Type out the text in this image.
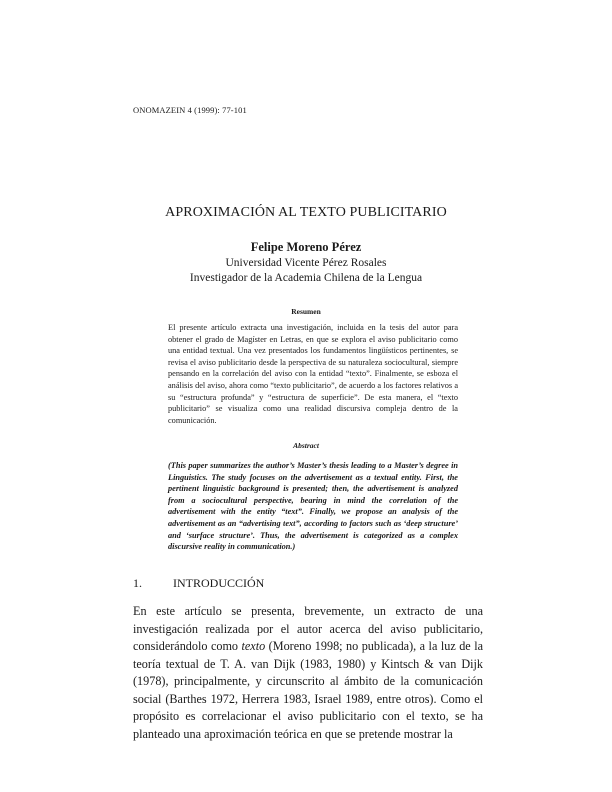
ONOMAZEIN 4 (1999): 77-101
APROXIMACIÓN AL TEXTO PUBLICITARIO
Felipe Moreno Pérez
Universidad Vicente Pérez Rosales
Investigador de la Academia Chilena de la Lengua
Resumen
El presente artículo extracta una investigación, incluida en la tesis del autor para obtener el grado de Magíster en Letras, en que se explora el aviso publicitario como una entidad textual. Una vez presentados los fundamentos lingüísticos pertinentes, se revisa el aviso publicitario desde la perspectiva de su naturaleza sociocultural, siempre pensando en la correlación del aviso con la entidad “texto”. Finalmente, se esboza el análisis del aviso, ahora como “texto publicitario”, de acuerdo a los factores relativos a su “estructura profunda” y “estructura de superficie”. De esta manera, el “texto publicitario” se visualiza como una realidad discursiva compleja dentro de la comunicación.
Abstract
(This paper summarizes the author’s Master’s thesis leading to a Master’s degree in Linguistics. The study focuses on the advertisement as a textual entity. First, the pertinent linguistic background is presented; then, the advertisement is analyzed from a sociocultural perspective, bearing in mind the correlation of the advertisement with the entity “text”. Finally, we propose an analysis of the advertisement as an “advertising text”, according to factors such as ‘deep structure’ and ‘surface structure’. Thus, the advertisement is categorized as a complex discursive reality in communication.)
1.	INTRODUCCIÓN
En este artículo se presenta, brevemente, un extracto de una investigación realizada por el autor acerca del aviso publicitario, considerándolo como texto (Moreno 1998; no publicada), a la luz de la teoría textual de T. A. van Dijk (1983, 1980) y Kintsch & van Dijk (1978), principalmente, y circunscrito al ámbito de la comunicación social (Barthes 1972, Herrera 1983, Israel 1989, entre otros). Como el propósito es correlacionar el aviso publicitario con el texto, se ha planteado una aproximación teórica en que se pretende mostrar la
